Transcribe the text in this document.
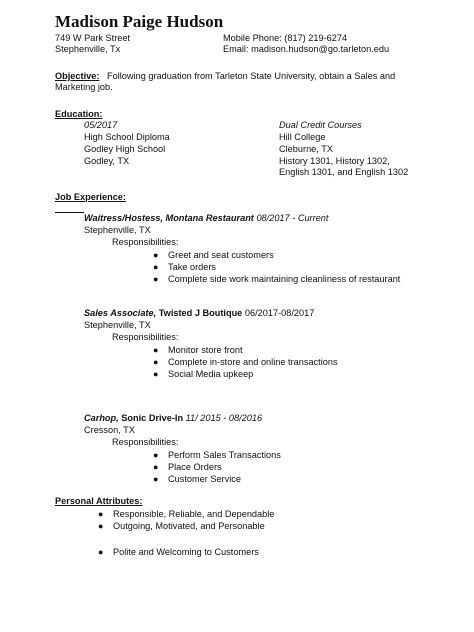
Madison Paige Hudson
749 W Park Street
Stephenville, Tx
Mobile Phone: (817) 219-6274
Email: madison.hudson@go.tarleton.edu
Objective: Following graduation from Tarleton State University, obtain a Sales and
Marketing job.
Education:
05/2017
High School Diploma
Godley High School
Godley, TX
Dual Credit Courses
Hill College
Cleburne, TX
History 1301, History 1302,
English 1301, and English 1302
Job Experience:
Waitress/Hostess, Montana Restaurant 08/2017 - Current
Stephenville, TX
Responsibilities:
● Greet and seat customers
● Take orders
● Complete side work maintaining cleanliness of restaurant
Sales Associate, Twisted J Boutique 06/2017-08/2017
Stephenville, TX
Responsibilities:
● Monitor store front
● Complete in-store and online transactions
● Social Media upkeep
Carhop, Sonic Drive-In 11/ 2015 - 08/2016
Cresson, TX
Responsibilities:
● Perform Sales Transactions
● Place Orders
● Customer Service
Personal Attributes:
● Responsible, Reliable, and Dependable
● Outgoing, Motivated, and Personable
● Polite and Welcoming to Customers
